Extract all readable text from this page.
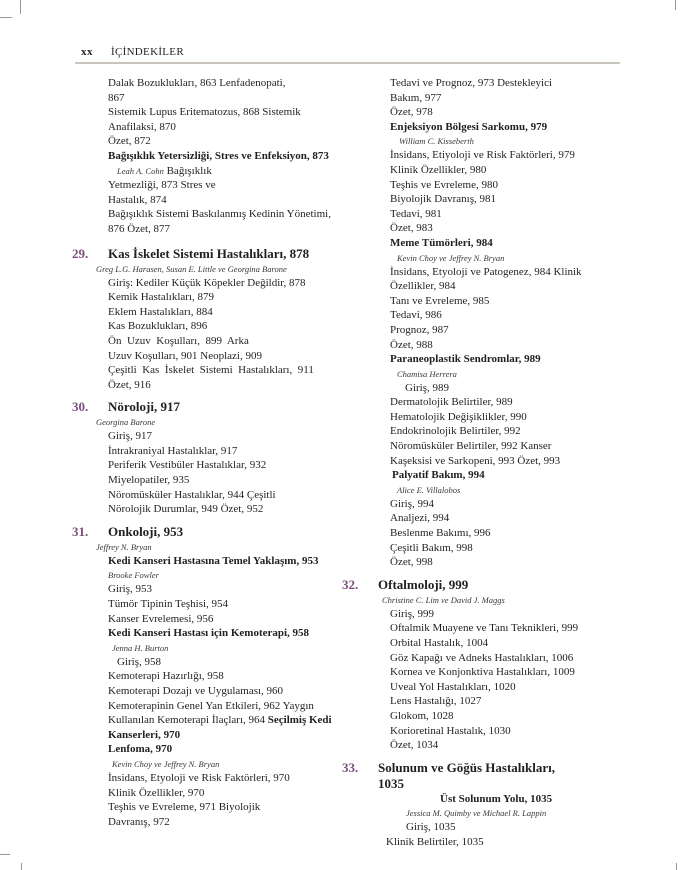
xx İÇİNDEKİLER
Dalak Bozuklukları, 863 Lenfadenopati,
867
Sistemik Lupus Eritematozus, 868 Sistemik
Anafilaksi, 870
Özet, 872
Bağışıklık Yetersizliği, Stres ve Enfeksiyon, 873
Leah A. Cohn Bağışıklık
Yetmezliği, 873 Stres ve
Hastalık, 874
Bağışıklık Sistemi Baskılanmış Kedinin Yönetimi,
876 Özet, 877
29. Kas İskelet Sistemi Hastalıkları, 878
Greg L.G. Harasen, Susan E. Little ve Georgina Barone
Giriş: Kediler Küçük Köpekler Değildir, 878
Kemik Hastalıkları, 879
Eklem Hastalıkları, 884
Kas Bozuklukları, 896
Ön  Uzuv  Koşulları,  899  Arka
Uzuv Koşulları, 901 Neoplazi, 909
Çeşitli  Kas  İskelet  Sistemi  Hastalıkları,  911
Özet, 916
30. Nöroloji, 917
Georgina Barone
Giriş, 917
İntrakraniyal Hastalıklar, 917
Periferik Vestibüler Hastalıklar, 932
Miyelopatiler, 935
Nöromüsküler Hastalıklar, 944 Çeşitli
Nörolojik Durumlar, 949 Özet, 952
31. Onkoloji, 953
Jeffrey N. Bryan
Kedi Kanseri Hastasına Temel Yaklaşım, 953
Brooke Fowler
Giriş, 953
Tümör Tipinin Teşhisi, 954
Kanser Evrelemesi, 956
Kedi Kanseri Hastası için Kemoterapi, 958
Jenna H. Burton
Giriş, 958
Kemoterapi Hazırlığı, 958
Kemoterapi Dozajı ve Uygulaması, 960
Kemoterapinin Genel Yan Etkileri, 962 Yaygın
Kullanılan Kemoterapi İlaçları, 964 Seçilmiş Kedi
Kanserleri, 970
Lenfoma, 970
Kevin Choy ve Jeffrey N. Bryan
İnsidans, Etyoloji ve Risk Faktörleri, 970
Klinik Özellikler, 970
Teşhis ve Evreleme, 971 Biyolojik
Davranış, 972
Tedavi ve Prognoz, 973 Destekleyici
Bakım, 977
Özet, 978
Enjeksiyon Bölgesi Sarkomu, 979
William C. Kisseberth
İnsidans, Etiyoloji ve Risk Faktörleri, 979
Klinik Özellikler, 980
Teşhis ve Evreleme, 980
Biyolojik Davranış, 981
Tedavi, 981
Özet, 983
Meme Tümörleri, 984
Kevin Choy ve Jeffrey N. Bryan
İnsidans, Etyoloji ve Patogenez, 984 Klinik
Özellikler, 984
Tanı ve Evreleme, 985
Tedavi, 986
Prognoz, 987
Özet, 988
Paraneoplastik Sendromlar, 989
Chamisa Herrera
Giriş, 989
Dermatolojik Belirtiler, 989
Hematolojik Değişiklikler, 990
Endokrinolojik Belirtiler, 992
Nöromüsküler Belirtiler, 992 Kanser
Kaşeksisi ve Sarkopeni, 993 Özet, 993
Palyatif Bakım, 994
Alice E. Villalobos
Giriş, 994
Analjezi, 994
Beslenme Bakımı, 996
Çeşitli Bakım, 998
Özet, 998
32. Oftalmoloji, 999
Christine C. Lim ve David J. Maggs
Giriş, 999
Oftalmik Muayene ve Tanı Teknikleri, 999
Orbital Hastalık, 1004
Göz Kapağı ve Adneks Hastalıkları, 1006
Kornea ve Konjonktiva Hastalıkları, 1009
Uveal Yol Hastalıkları, 1020
Lens Hastalığı, 1027
Glokom, 1028
Korioretinal Hastalık, 1030
Özet, 1034
33. Solunum ve Göğüs Hastalıkları,
1035
Üst Solunum Yolu, 1035
Jessica M. Quimby ve Michael R. Lappin
Giriş, 1035
Klinik Belirtiler, 1035
